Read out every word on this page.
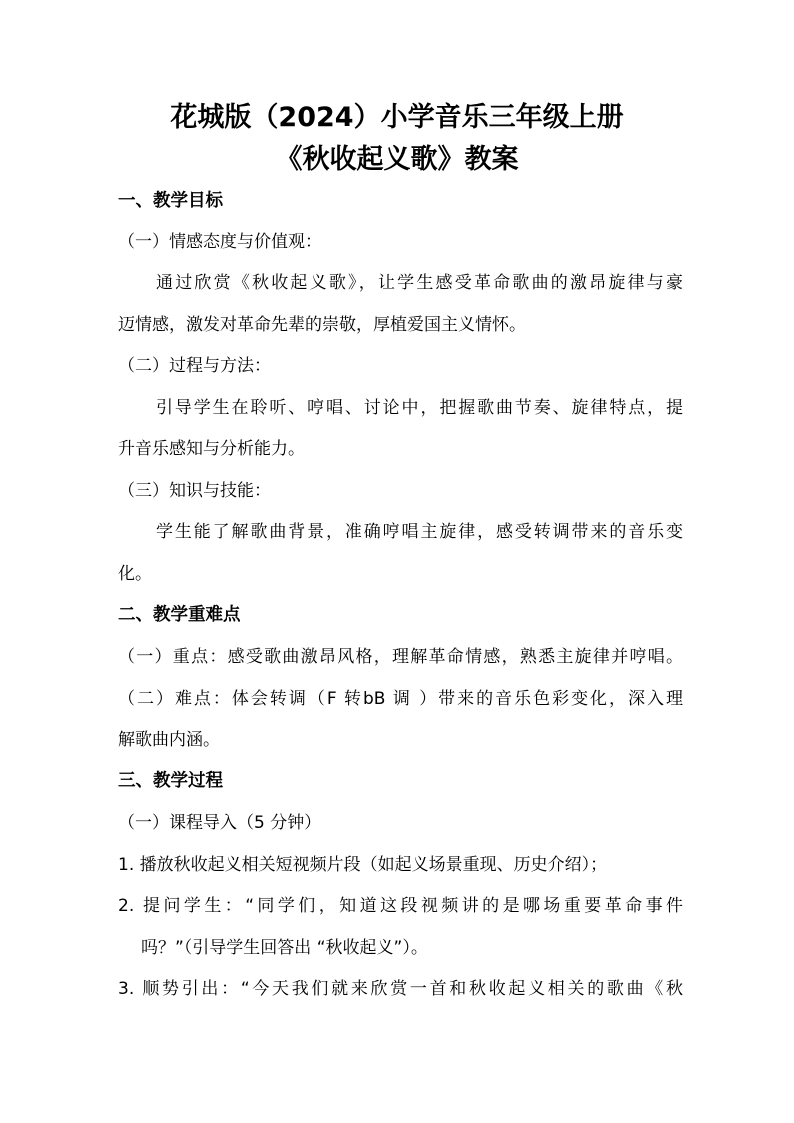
花城版（2024）小学音乐三年级上册
《秋收起义歌》教案
一、教学目标
（一）情感态度与价值观：
通过欣赏《秋收起义歌》，让学生感受革命歌曲的激昂旋律与豪
迈情感，激发对革命先辈的崇敬，厚植爱国主义情怀。
（二）过程与方法：
引导学生在聆听、哼唱、讨论中，把握歌曲节奏、旋律特点，提
升音乐感知与分析能力。
（三）知识与技能：
学生能了解歌曲背景，准确哼唱主旋律，感受转调带来的音乐变
化。
二、教学重难点
（一）重点：感受歌曲激昂风格，理解革命情感，熟悉主旋律并哼唱。
（二）难点：体会转调（F 转bB 调 ）带来的音乐色彩变化，深入理
解歌曲内涵。
三、教学过程
（一）课程导入（5 分钟）
1. 播放秋收起义相关短视频片段（如起义场景重现、历史介绍）；
2. 提问学生：“同学们，知道这段视频讲的是哪场重要革命事件
吗？”（引导学生回答出 “秋收起义”）。
3. 顺势引出：“今天我们就来欣赏一首和秋收起义相关的歌曲《秋
